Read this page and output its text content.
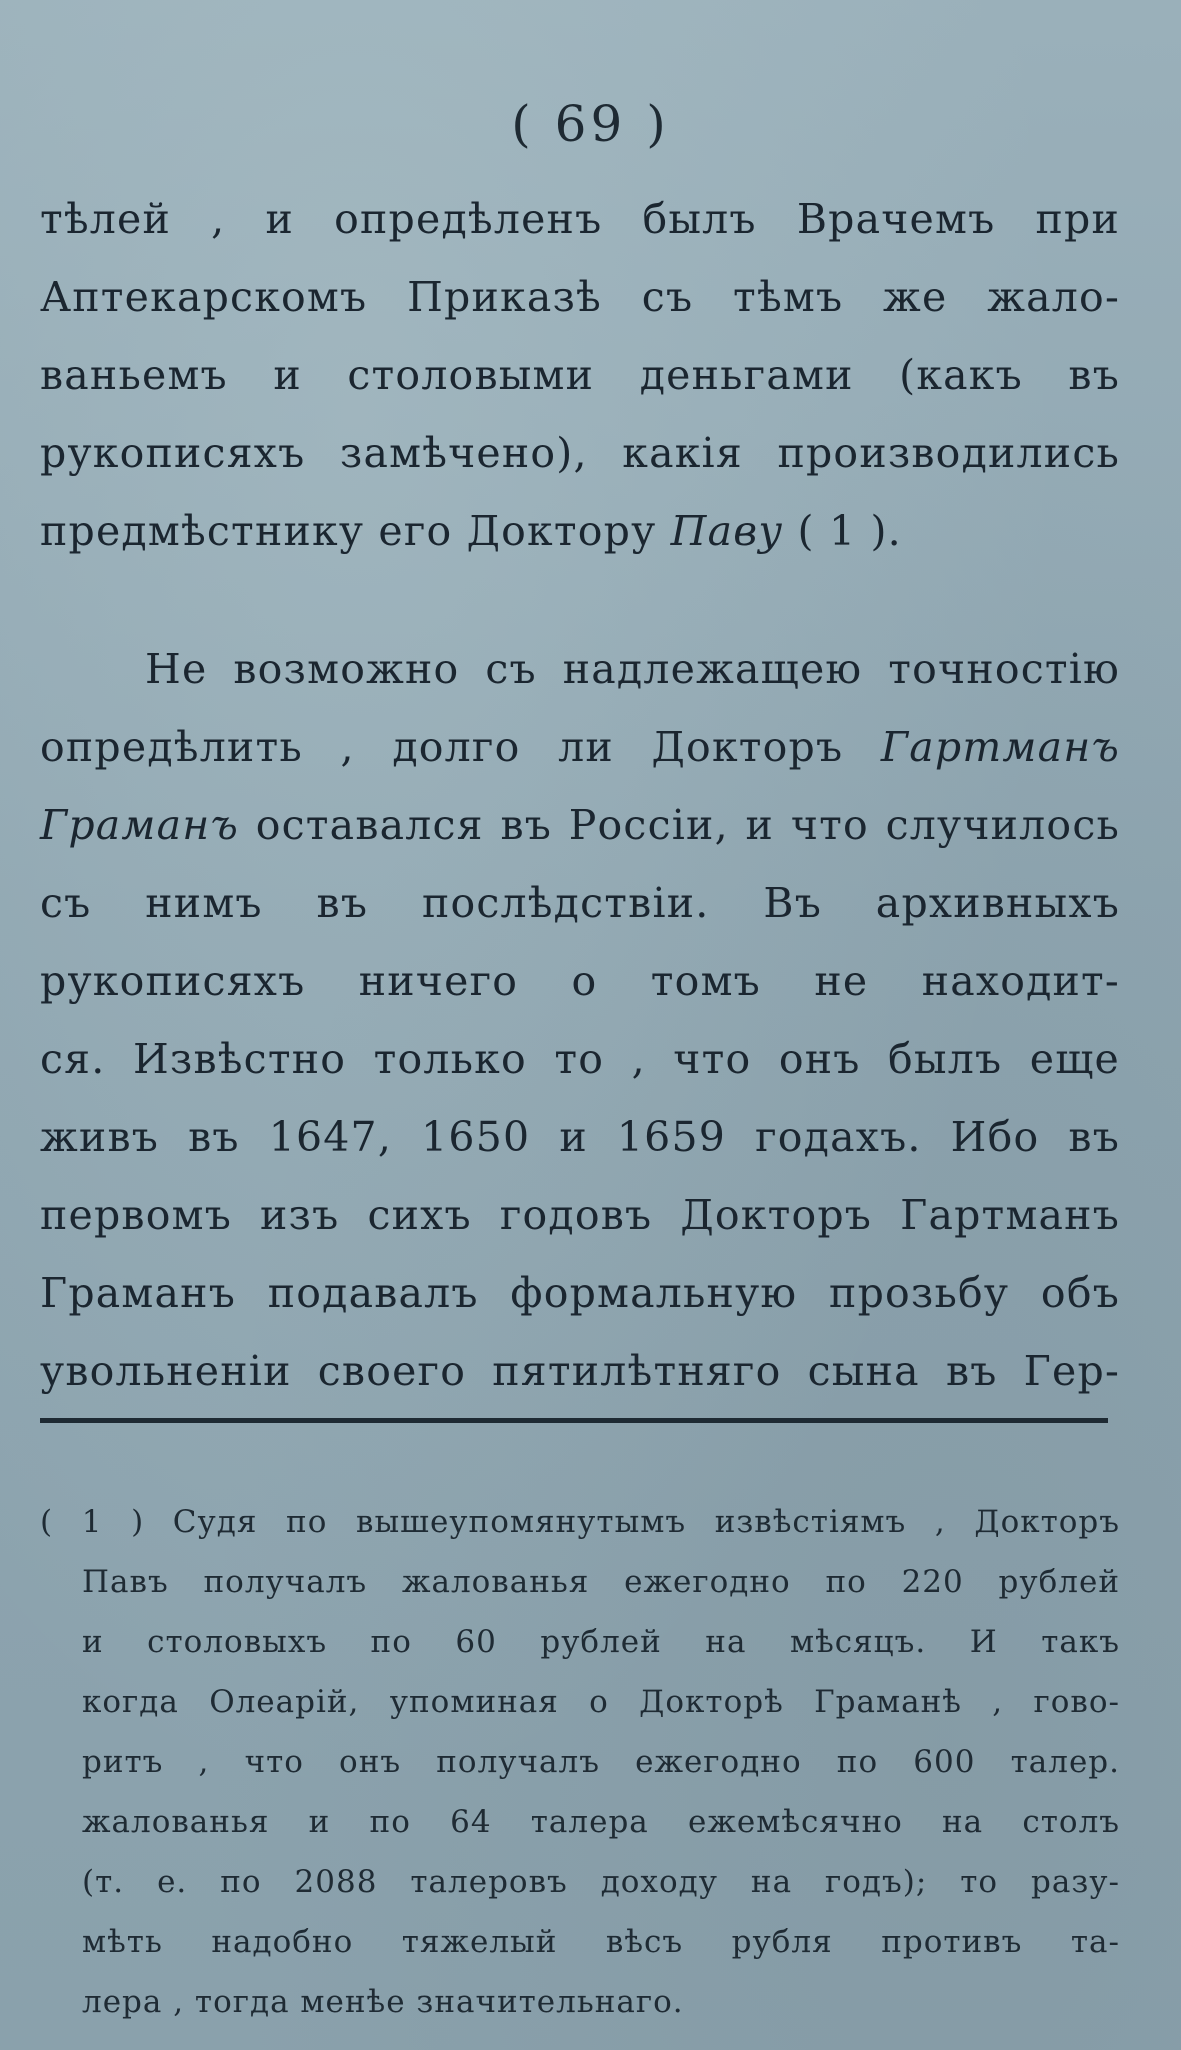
( 69 )
тѣлей , и опредѣленъ былъ Врачемъ при
Аптекарскомъ Приказѣ съ тѣмъ же жало-
ваньемъ и столовыми деньгами (какъ въ
рукописяхъ замѣчено), какія производились
предмѣстнику его Доктору Паву ( 1 ).
Не возможно съ надлежащею точностію
опредѣлить , долго ли Докторъ Гартманъ
Граманъ оставался въ Россіи, и что случилось
съ нимъ въ послѣдствіи. Въ архивныхъ
рукописяхъ ничего о томъ не находит-
ся. Извѣстно только то , что онъ былъ еще
живъ въ 1647, 1650 и 1659 годахъ. Ибо въ
первомъ изъ сихъ годовъ Докторъ Гартманъ
Граманъ подавалъ формальную прозьбу объ
увольненіи своего пятилѣтняго сына въ Гер-
( 1 ) Судя по вышеупомянутымъ извѣстіямъ , Докторъ
Павъ получалъ жалованья ежегодно по 220 рублей
и столовыхъ по 60 рублей на мѣсяцъ. И такъ
когда Олеарій, упоминая о Докторѣ Граманѣ , гово-
ритъ , что онъ получалъ ежегодно по 600 талер.
жалованья и по 64 талера ежемѣсячно на столъ
(т. е. по 2088 талеровъ доходу на годъ); то разу-
мѣть надобно тяжелый вѣсъ рубля противъ та-
лера , тогда менѣе значительнаго.
